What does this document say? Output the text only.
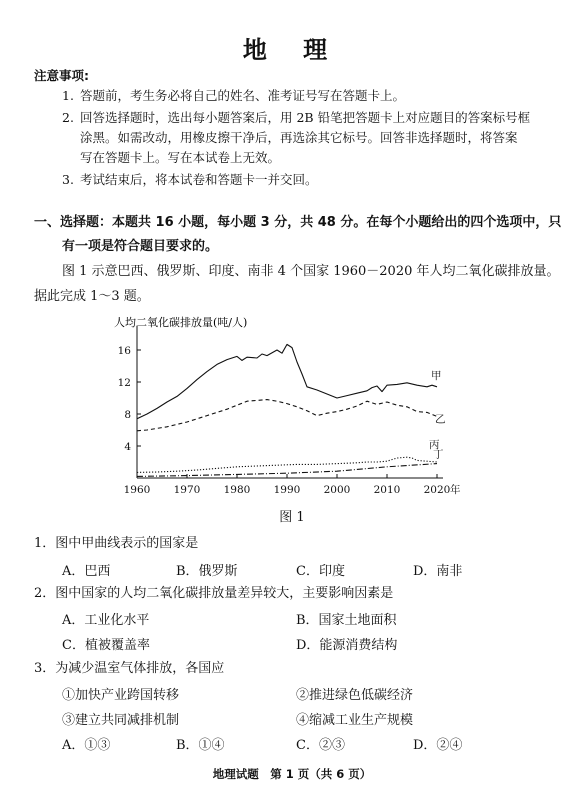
地 理
注意事项:
1. 答题前，考生务必将自己的姓名、准考证号写在答题卡上。
2. 回答选择题时，选出每小题答案后，用 2B 铅笔把答题卡上对应题目的答案标号框
涂黑。如需改动，用橡皮擦干净后，再选涂其它标号。回答非选择题时，将答案
写在答题卡上。写在本试卷上无效。
3. 考试结束后，将本试卷和答题卡一并交回。
一、选择题：本题共 16 小题，每小题 3 分，共 48 分。在每个小题给出的四个选项中，只
有一项是符合题目要求的。
图 1 示意巴西、俄罗斯、印度、南非 4 个国家 1960－2020 年人均二氧化碳排放量。
据此完成 1～3 题。
人均二氧化碳排放量(吨/人)
4
8
12
16
1960 1970 1980 1990 2000 2010 2020 年
甲
乙
丙
丁
图 1
1．图中甲曲线表示的国家是
A．巴西	B．俄罗斯	C．印度	D．南非
2．图中国家的人均二氧化碳排放量差异较大，主要影响因素是
A．工业化水平	B．国家土地面积
C．植被覆盖率	D．能源消费结构
3．为减少温室气体排放，各国应
①加快产业跨国转移	②推进绿色低碳经济
③建立共同减排机制	④缩减工业生产规模
A．①③	B．①④	C．②③	D．②④
地理试题　第 1 页（共 6 页）
